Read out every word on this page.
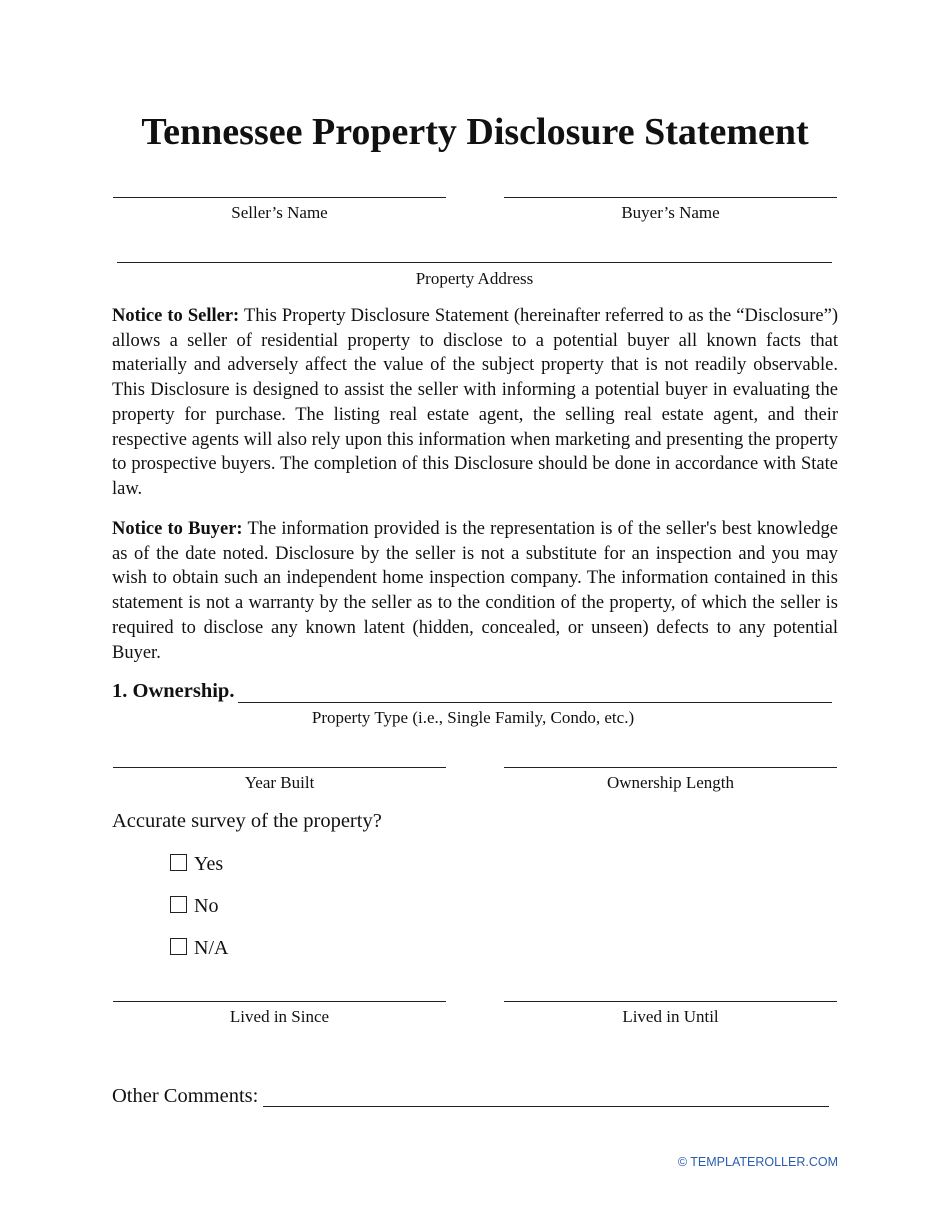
Tennessee Property Disclosure Statement
Seller’s Name	Buyer’s Name
Property Address
Notice to Seller: This Property Disclosure Statement (hereinafter referred to as the “Disclosure”) allows a seller of residential property to disclose to a potential buyer all known facts that materially and adversely affect the value of the subject property that is not readily observable. This Disclosure is designed to assist the seller with informing a potential buyer in evaluating the property for purchase. The listing real estate agent, the selling real estate agent, and their respective agents will also rely upon this information when marketing and presenting the property to prospective buyers. The completion of this Disclosure should be done in accordance with State law.
Notice to Buyer: The information provided is the representation is of the seller's best knowledge as of the date noted. Disclosure by the seller is not a substitute for an inspection and you may wish to obtain such an independent home inspection company. The information contained in this statement is not a warranty by the seller as to the condition of the property, of which the seller is required to disclose any known latent (hidden, concealed, or unseen) defects to any potential Buyer.
1. Ownership.
Property Type (i.e., Single Family, Condo, etc.)
Year Built	Ownership Length
Accurate survey of the property?
Yes
No
N/A
Lived in Since	Lived in Until
Other Comments:
© TEMPLATEROLLER.COM
